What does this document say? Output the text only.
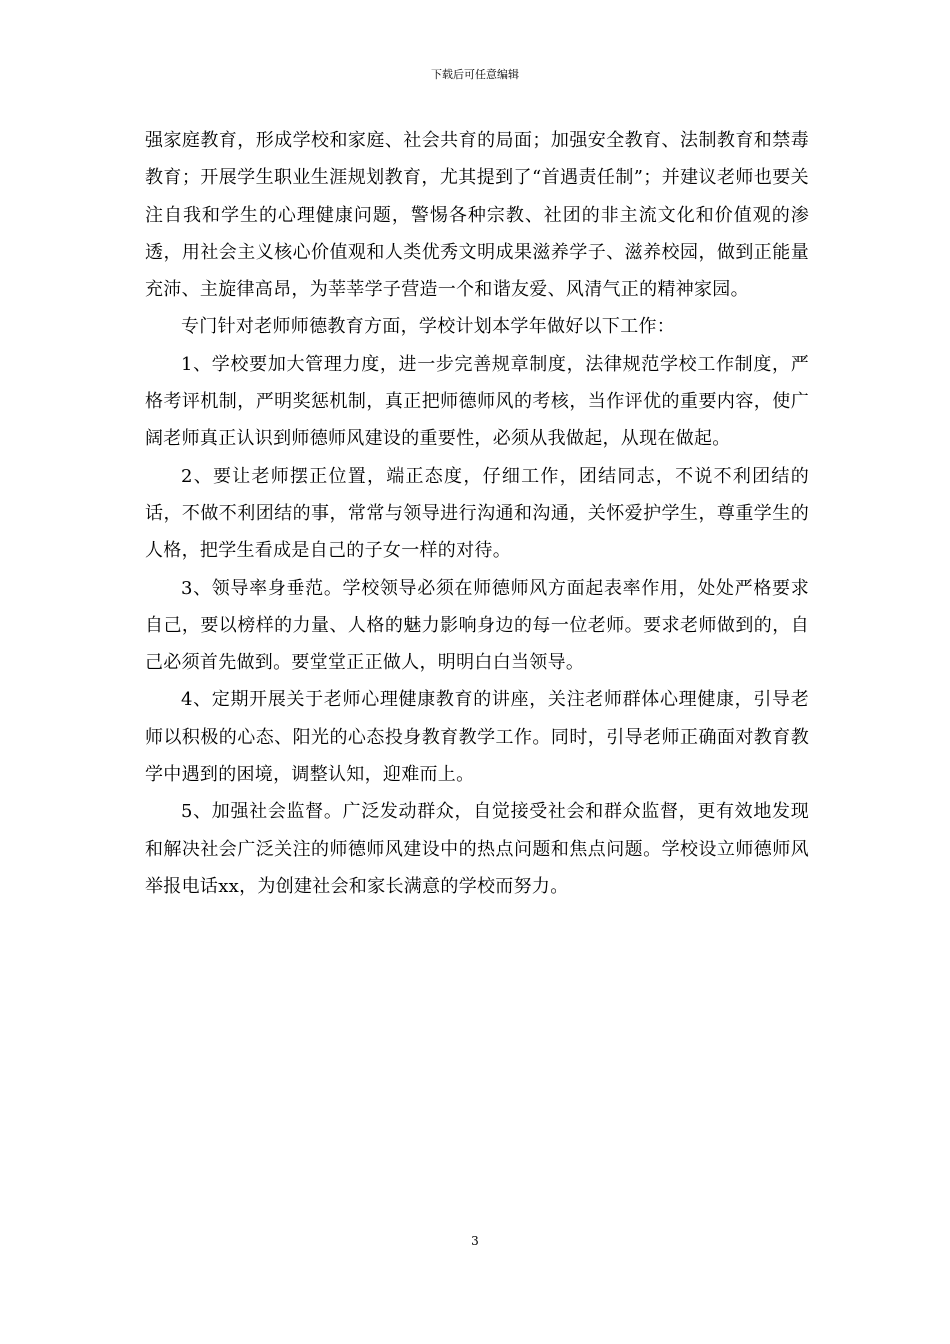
下载后可任意编辑

强家庭教育，形成学校和家庭、社会共育的局面；加强安全教育、法制教育和禁毒教育；开展学生职业生涯规划教育，尤其提到了“首遇责任制”；并建议老师也要关注自我和学生的心理健康问题，警惕各种宗教、社团的非主流文化和价值观的渗透，用社会主义核心价值观和人类优秀文明成果滋养学子、滋养校园，做到正能量充沛、主旋律高昂，为莘莘学子营造一个和谐友爱、风清气正的精神家园。

专门针对老师师德教育方面，学校计划本学年做好以下工作：

1、学校要加大管理力度，进一步完善规章制度，法律规范学校工作制度，严格考评机制，严明奖惩机制，真正把师德师风的考核，当作评优的重要内容，使广阔老师真正认识到师德师风建设的重要性，必须从我做起，从现在做起。

2、要让老师摆正位置，端正态度，仔细工作，团结同志，不说不利团结的话，不做不利团结的事，常常与领导进行沟通和沟通，关怀爱护学生，尊重学生的人格，把学生看成是自己的子女一样的对待。

3、领导率身垂范。学校领导必须在师德师风方面起表率作用，处处严格要求自己，要以榜样的力量、人格的魅力影响身边的每一位老师。要求老师做到的，自己必须首先做到。要堂堂正正做人，明明白白当领导。

4、定期开展关于老师心理健康教育的讲座，关注老师群体心理健康，引导老师以积极的心态、阳光的心态投身教育教学工作。同时，引导老师正确面对教育教学中遇到的困境，调整认知，迎难而上。

5、加强社会监督。广泛发动群众，自觉接受社会和群众监督，更有效地发现和解决社会广泛关注的师德师风建设中的热点问题和焦点问题。学校设立师德师风举报电话xx，为创建社会和家长满意的学校而努力。

3
